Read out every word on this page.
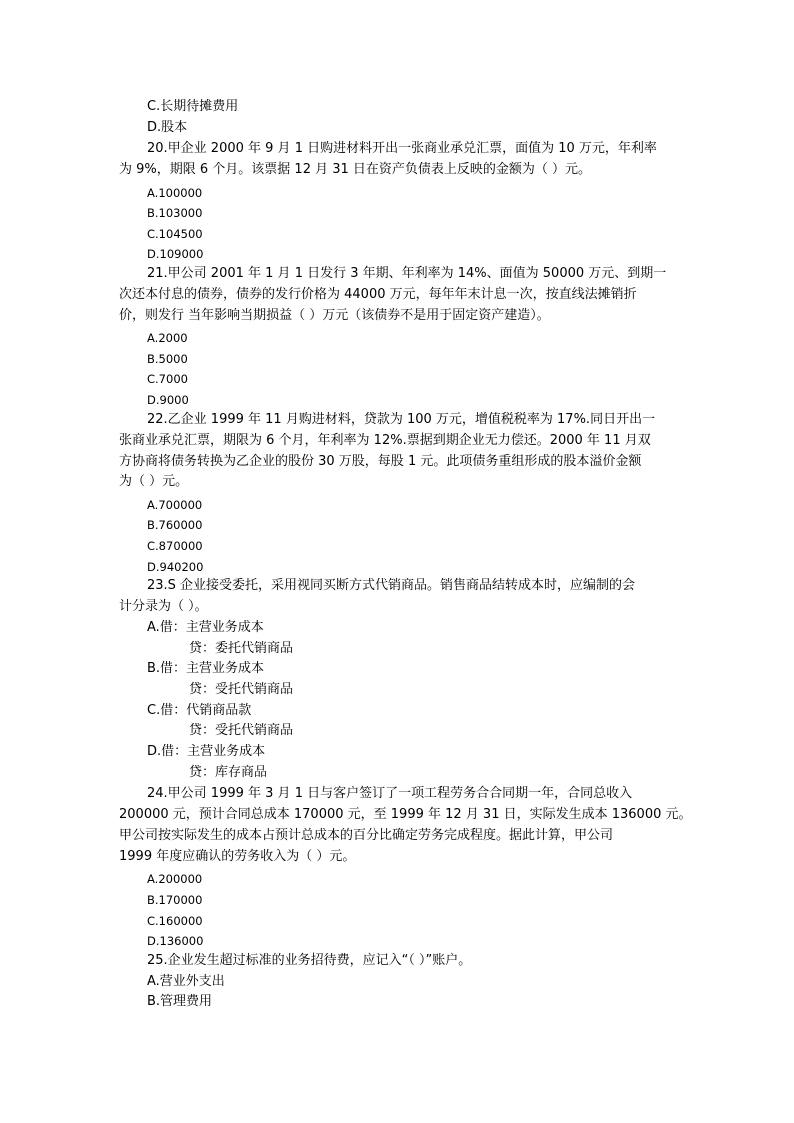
C.长期待摊费用
D.股本
20.甲企业 2000 年 9 月 1 日购进材料开出一张商业承兑汇票，面值为 10 万元，年利率
为 9%，期限 6 个月。该票据 12 月 31 日在资产负债表上反映的金额为（ ）元。
A.100000
B.103000
C.104500
D.109000
21.甲公司 2001 年 1 月 1 日发行 3 年期、年利率为 14%、面值为 50000 万元、到期一
次还本付息的债券，债券的发行价格为 44000 万元，每年年末计息一次，按直线法摊销折
价，则发行 当年影响当期损益（ ）万元（该债券不是用于固定资产建造）。
A.2000
B.5000
C.7000
D.9000
22.乙企业 1999 年 11 月购进材料，贷款为 100 万元，增值税税率为 17%.同日开出一
张商业承兑汇票，期限为 6 个月，年利率为 12%.票据到期企业无力偿还。2000 年 11 月双
方协商将债务转换为乙企业的股份 30 万股，每股 1 元。此项债务重组形成的股本溢价金额
为（ ）元。
A.700000
B.760000
C.870000
D.940200
23.S 企业接受委托，采用视同买断方式代销商品。销售商品结转成本时，应编制的会
计分录为（ ）。
A.借：主营业务成本
贷：委托代销商品
B.借：主营业务成本
贷：受托代销商品
C.借：代销商品款
贷：受托代销商品
D.借：主营业务成本
贷：库存商品
24.甲公司 1999 年 3 月 1 日与客户签订了一项工程劳务合合同期一年，合同总收入
200000 元，预计合同总成本 170000 元，至 1999 年 12 月 31 日，实际发生成本 136000 元。
甲公司按实际发生的成本占预计总成本的百分比确定劳务完成程度。据此计算，甲公司
1999 年度应确认的劳务收入为（ ）元。
A.200000
B.170000
C.160000
D.136000
25.企业发生超过标准的业务招待费，应记入“（ ）”账户。
A.营业外支出
B.管理费用
